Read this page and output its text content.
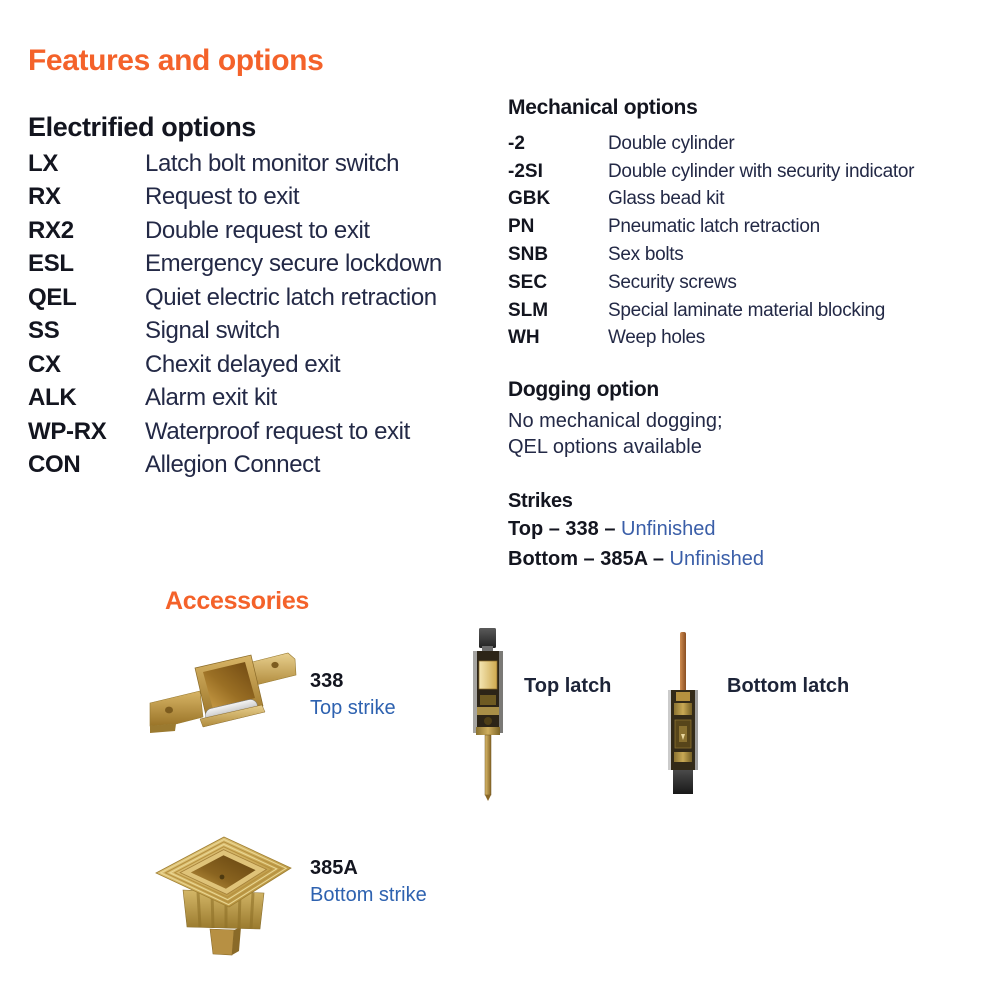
Features and options
Electrified options
LX	Latch bolt monitor switch
RX	Request to exit
RX2	Double request to exit
ESL	Emergency secure lockdown
QEL	Quiet electric latch retraction
SS	Signal switch
CX	Chexit delayed exit
ALK	Alarm exit kit
WP-RX	Waterproof request to exit
CON	Allegion Connect
Mechanical options
-2	Double cylinder
-2SI	Double cylinder with security indicator
GBK	Glass bead kit
PN	Pneumatic latch retraction
SNB	Sex bolts
SEC	Security screws
SLM	Special laminate material blocking
WH	Weep holes
Dogging option
No mechanical dogging;
QEL options available
Strikes
Top – 338 – Unfinished
Bottom – 385A – Unfinished
Accessories
338
Top strike
Top latch	Bottom latch
385A
Bottom strike
